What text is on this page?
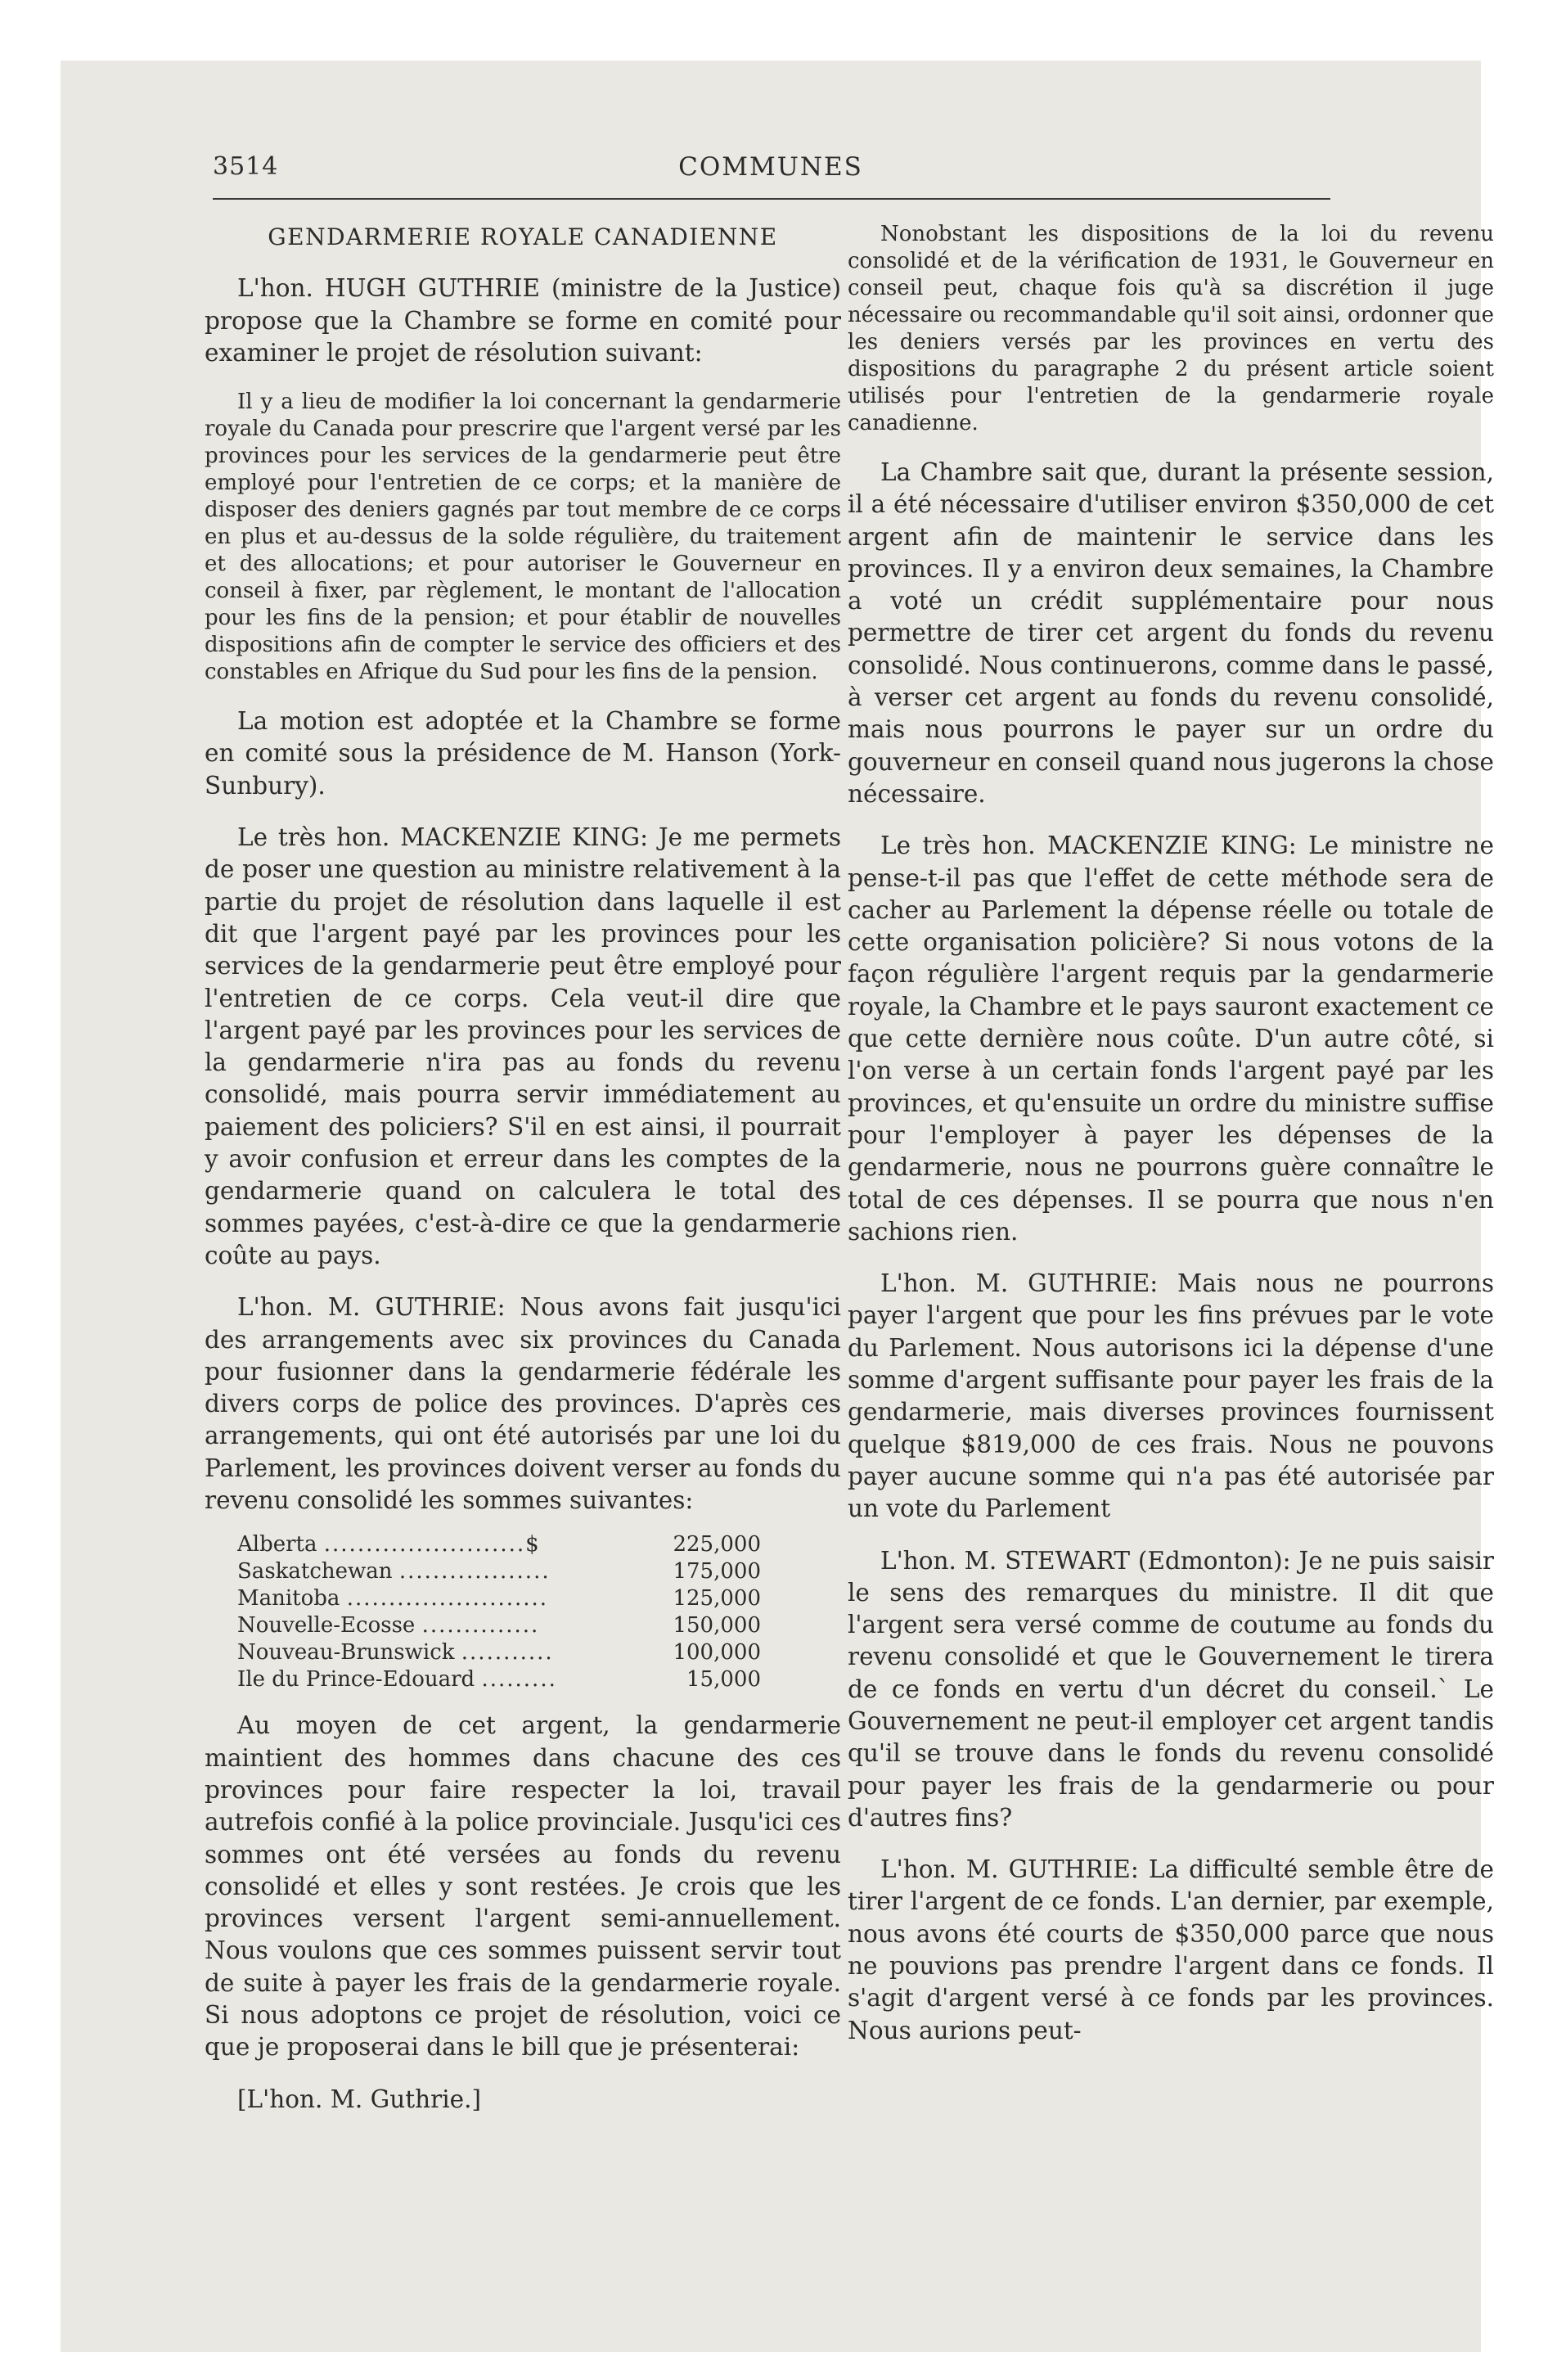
3514	COMMUNES

GENDARMERIE ROYALE CANADIENNE

L'hon. HUGH GUTHRIE (ministre de la Justice) propose que la Chambre se forme en comité pour examiner le projet de résolution suivant:

Il y a lieu de modifier la loi concernant la gendarmerie royale du Canada pour prescrire que l'argent versé par les provinces pour les services de la gendarmerie peut être employé pour l'entretien de ce corps; et la manière de disposer des deniers gagnés par tout membre de ce corps en plus et au-dessus de la solde régulière, du traitement et des allocations; et pour autoriser le Gouverneur en conseil à fixer, par règlement, le montant de l'allocation pour les fins de la pension; et pour établir de nouvelles dispositions afin de compter le service des officiers et des constables en Afrique du Sud pour les fins de la pension.

La motion est adoptée et la Chambre se forme en comité sous la présidence de M. Hanson (York-Sunbury).

Le très hon. MACKENZIE KING: Je me permets de poser une question au ministre relativement à la partie du projet de résolution dans laquelle il est dit que l'argent payé par les provinces pour les services de la gendarmerie peut être employé pour l'entretien de ce corps. Cela veut-il dire que l'argent payé par les provinces pour les services de la gendarmerie n'ira pas au fonds du revenu consolidé, mais pourra servir immédiatement au paiement des policiers? S'il en est ainsi, il pourrait y avoir confusion et erreur dans les comptes de la gendarmerie quand on calculera le total des sommes payées, c'est-à-dire ce que la gendarmerie coûte au pays.

L'hon. M. GUTHRIE: Nous avons fait jusqu'ici des arrangements avec six provinces du Canada pour fusionner dans la gendarmerie fédérale les divers corps de police des provinces. D'après ces arrangements, qui ont été autorisés par une loi du Parlement, les provinces doivent verser au fonds du revenu consolidé les sommes suivantes:

Alberta ........................$	225,000
Saskatchewan ..................	175,000
Manitoba ........................	125,000
Nouvelle-Ecosse ..............	150,000
Nouveau-Brunswick ...........	100,000
Ile du Prince-Edouard .........	15,000

Au moyen de cet argent, la gendarmerie maintient des hommes dans chacune des ces provinces pour faire respecter la loi, travail autrefois confié à la police provinciale. Jusqu'ici ces sommes ont été versées au fonds du revenu consolidé et elles y sont restées. Je crois que les provinces versent l'argent semi-annuellement. Nous voulons que ces sommes puissent servir tout de suite à payer les frais de la gendarmerie royale. Si nous adoptons ce projet de résolution, voici ce que je proposerai dans le bill que je présenterai:

[L'hon. M. Guthrie.]

Nonobstant les dispositions de la loi du revenu consolidé et de la vérification de 1931, le Gouverneur en conseil peut, chaque fois qu'à sa discrétion il juge nécessaire ou recommandable qu'il soit ainsi, ordonner que les deniers versés par les provinces en vertu des dispositions du paragraphe 2 du présent article soient utilisés pour l'entretien de la gendarmerie royale canadienne.

La Chambre sait que, durant la présente session, il a été nécessaire d'utiliser environ $350,000 de cet argent afin de maintenir le service dans les provinces. Il y a environ deux semaines, la Chambre a voté un crédit supplémentaire pour nous permettre de tirer cet argent du fonds du revenu consolidé. Nous continuerons, comme dans le passé, à verser cet argent au fonds du revenu consolidé, mais nous pourrons le payer sur un ordre du gouverneur en conseil quand nous jugerons la chose nécessaire.

Le très hon. MACKENZIE KING: Le ministre ne pense-t-il pas que l'effet de cette méthode sera de cacher au Parlement la dépense réelle ou totale de cette organisation policière? Si nous votons de la façon régulière l'argent requis par la gendarmerie royale, la Chambre et le pays sauront exactement ce que cette dernière nous coûte. D'un autre côté, si l'on verse à un certain fonds l'argent payé par les provinces, et qu'ensuite un ordre du ministre suffise pour l'employer à payer les dépenses de la gendarmerie, nous ne pourrons guère connaître le total de ces dépenses. Il se pourra que nous n'en sachions rien.

L'hon. M. GUTHRIE: Mais nous ne pourrons payer l'argent que pour les fins prévues par le vote du Parlement. Nous autorisons ici la dépense d'une somme d'argent suffisante pour payer les frais de la gendarmerie, mais diverses provinces fournissent quelque $819,000 de ces frais. Nous ne pouvons payer aucune somme qui n'a pas été autorisée par un vote du Parlement

L'hon. M. STEWART (Edmonton): Je ne puis saisir le sens des remarques du ministre. Il dit que l'argent sera versé comme de coutume au fonds du revenu consolidé et que le Gouvernement le tirera de ce fonds en vertu d'un décret du conseil.` Le Gouvernement ne peut-il employer cet argent tandis qu'il se trouve dans le fonds du revenu consolidé pour payer les frais de la gendarmerie ou pour d'autres fins?

L'hon. M. GUTHRIE: La difficulté semble être de tirer l'argent de ce fonds. L'an dernier, par exemple, nous avons été courts de $350,000 parce que nous ne pouvions pas prendre l'argent dans ce fonds. Il s'agit d'argent versé à ce fonds par les provinces. Nous aurions peut-
